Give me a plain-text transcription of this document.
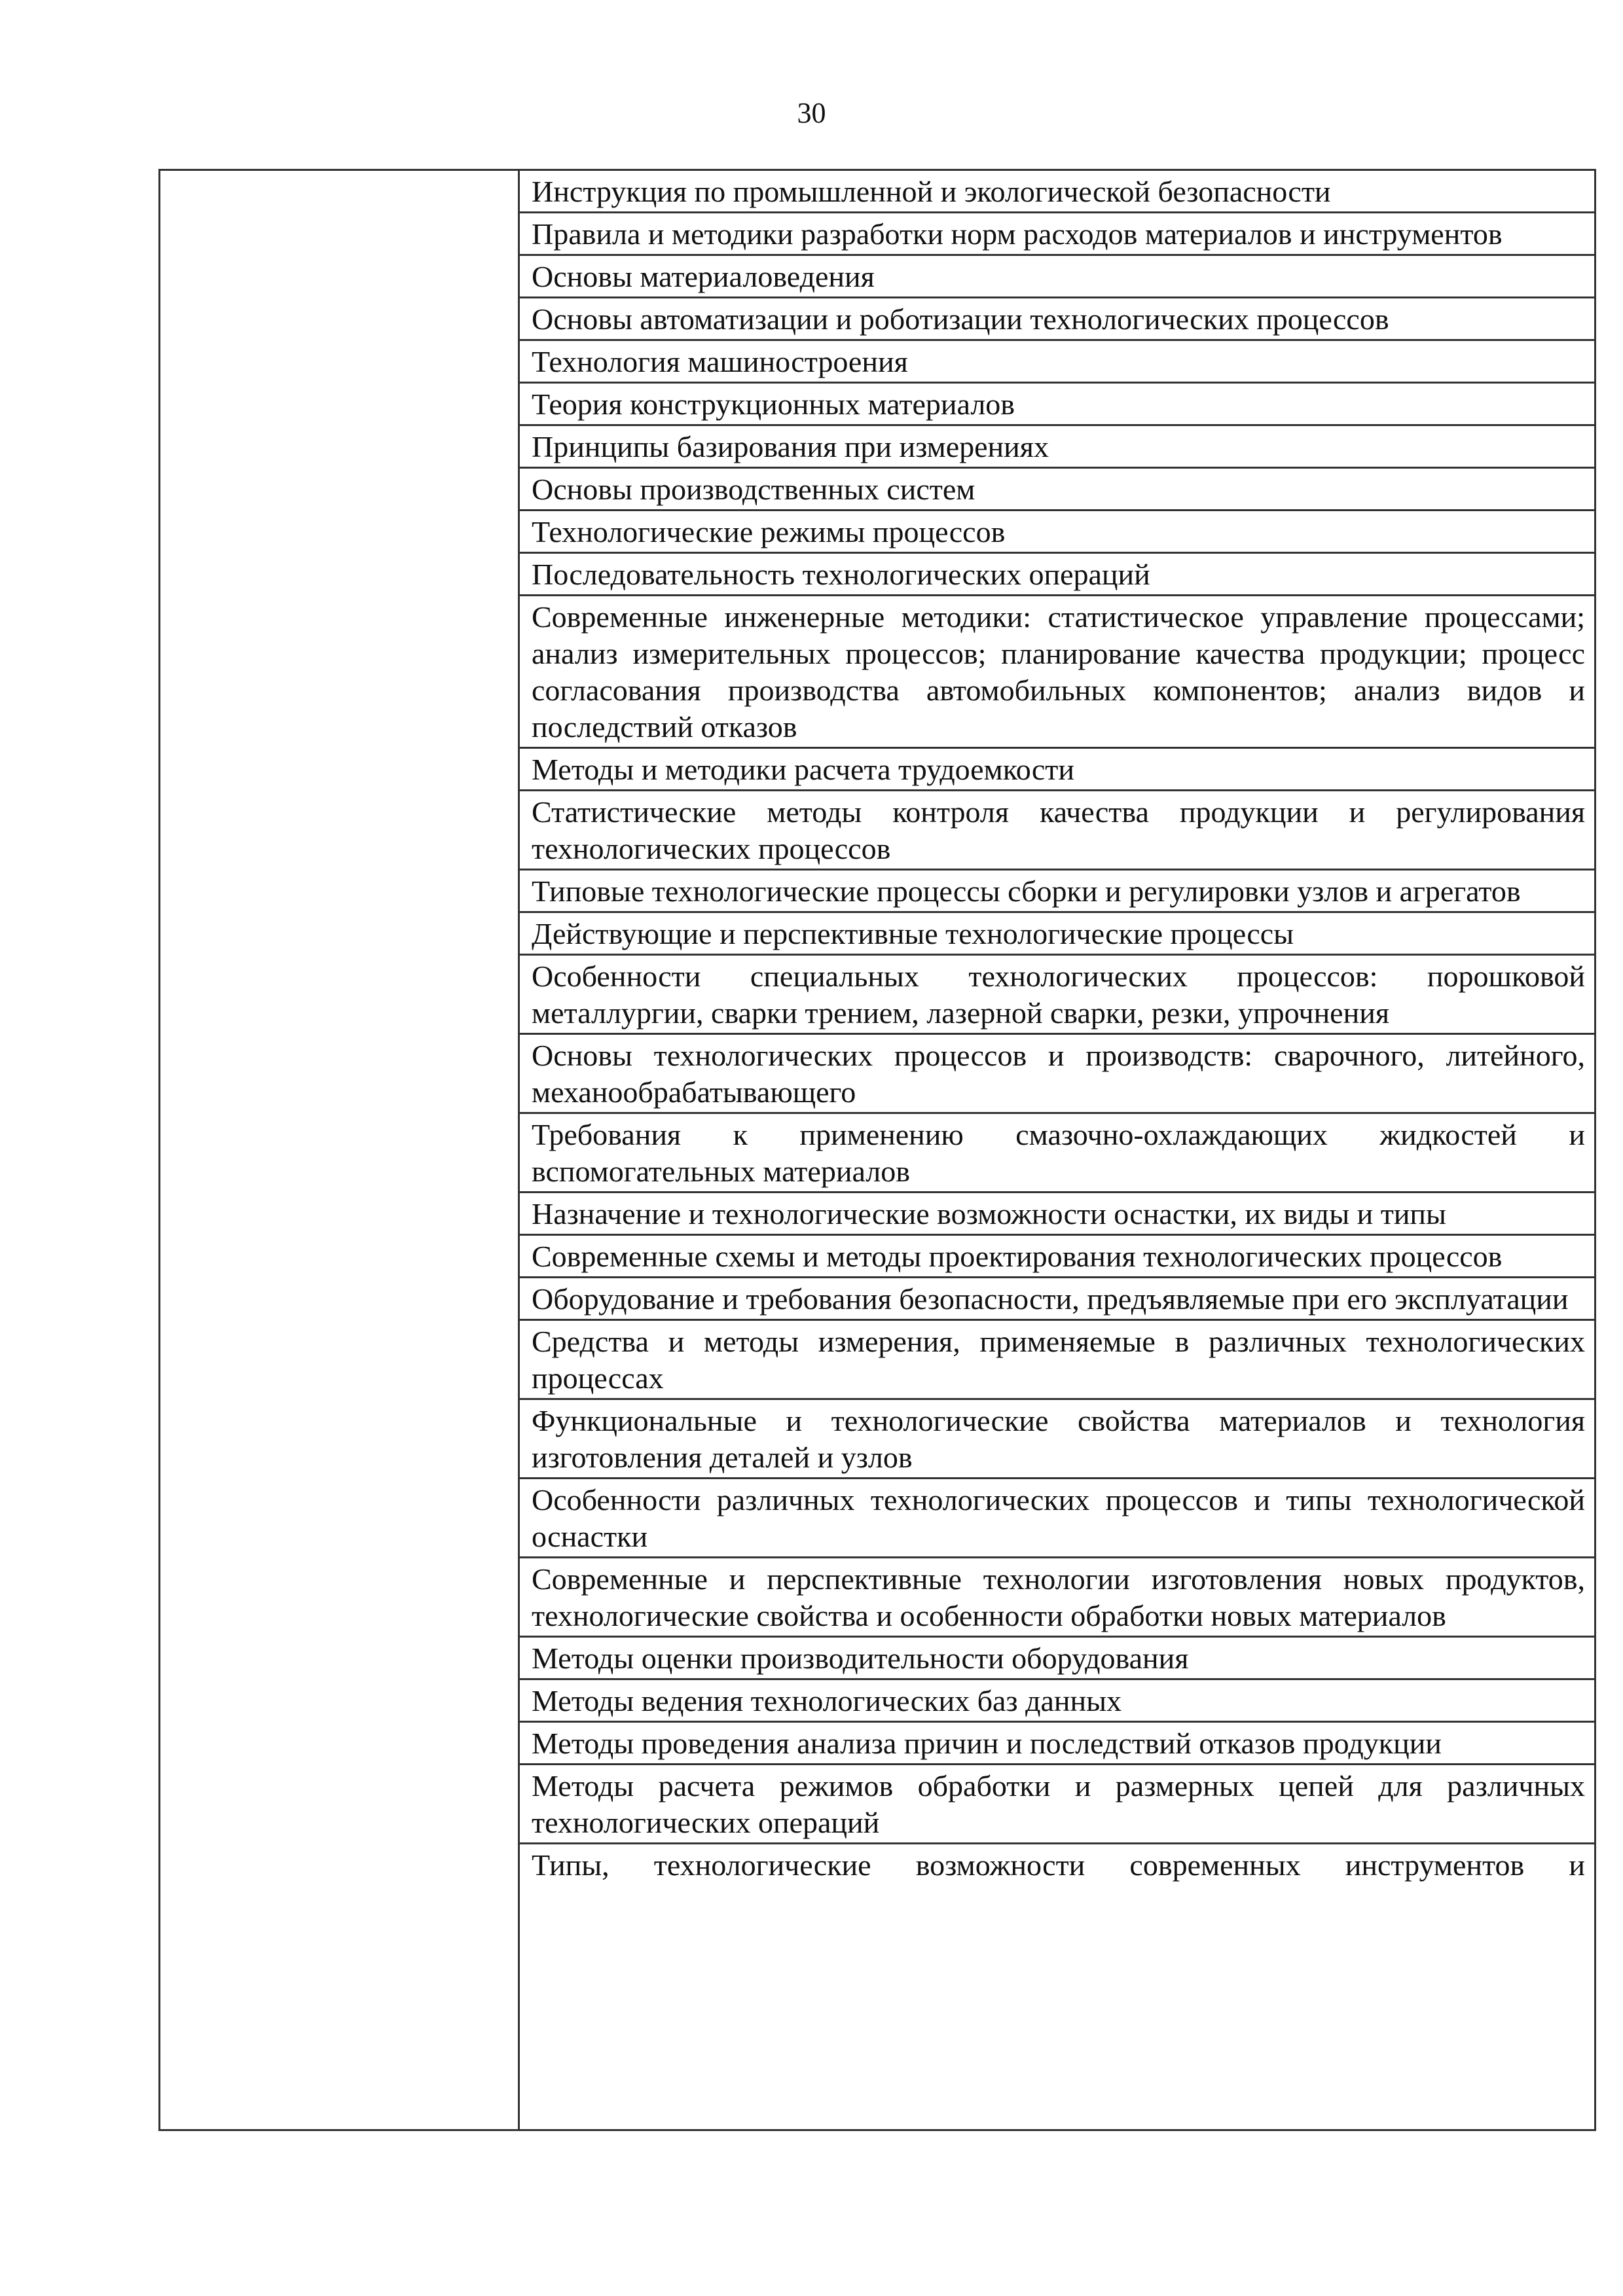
30
Инструкция по промышленной и экологической безопасности
Правила и методики разработки норм расходов материалов и инструментов
Основы материаловедения
Основы автоматизации и роботизации технологических процессов
Технология машиностроения
Теория конструкционных материалов
Принципы базирования при измерениях
Основы производственных систем
Технологические режимы процессов
Последовательность технологических операций
Современные инженерные методики: статистическое управление процессами; анализ измерительных процессов; планирование качества продукции; процесс согласования производства автомобильных компонентов; анализ видов и последствий отказов
Методы и методики расчета трудоемкости
Статистические методы контроля качества продукции и регулирования технологических процессов
Типовые технологические процессы сборки и регулировки узлов и агрегатов
Действующие и перспективные технологические процессы
Особенности специальных технологических процессов: порошковой металлургии, сварки трением, лазерной сварки, резки, упрочнения
Основы технологических процессов и производств: сварочного, литейного, механообрабатывающего
Требования к применению смазочно-охлаждающих жидкостей и вспомогательных материалов
Назначение и технологические возможности оснастки, их виды и типы
Современные схемы и методы проектирования технологических процессов
Оборудование и требования безопасности, предъявляемые при его эксплуатации
Средства и методы измерения, применяемые в различных технологических процессах
Функциональные и технологические свойства материалов и технология изготовления деталей и узлов
Особенности различных технологических процессов и типы технологической оснастки
Современные и перспективные технологии изготовления новых продуктов, технологические свойства и особенности обработки новых материалов
Методы оценки производительности оборудования
Методы ведения технологических баз данных
Методы проведения анализа причин и последствий отказов продукции
Методы расчета режимов обработки и размерных цепей для различных технологических операций
Типы, технологические возможности современных инструментов и
